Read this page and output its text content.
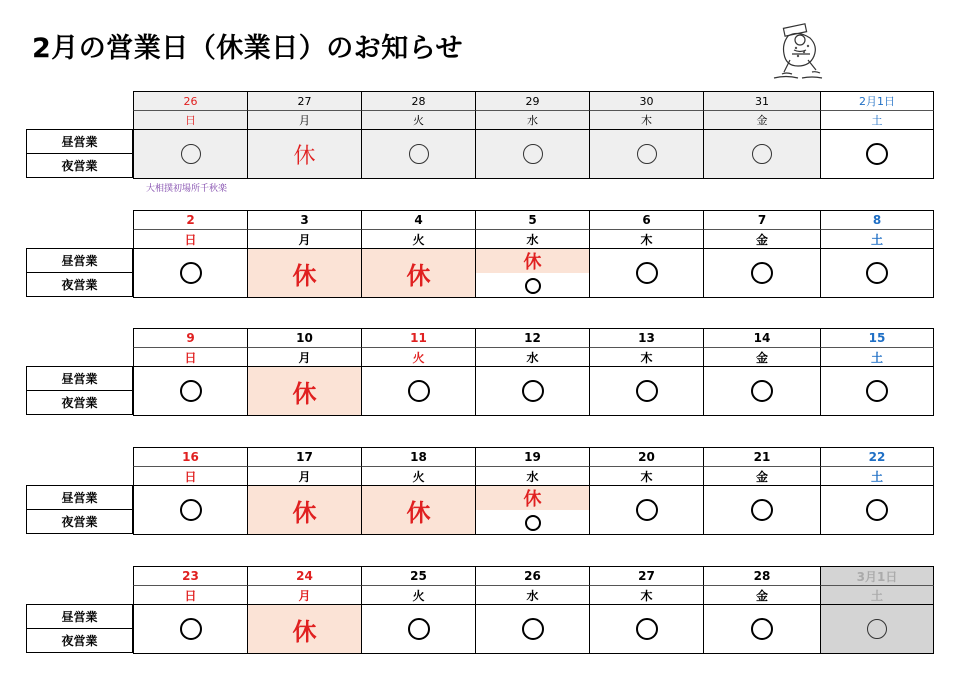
2月の営業日（休業日）のお知らせ
昼営業
夜営業
26
日
27
月
休
28
火
29
水
30
木
31
金
2月1日
土
大相撲初場所千秋楽
昼営業
夜営業
2
日
3
月
休
4
火
休
5
水
休
6
木
7
金
8
土
昼営業
夜営業
9
日
10
月
休
11
火
12
水
13
木
14
金
15
土
昼営業
夜営業
16
日
17
月
休
18
火
休
19
水
休
20
木
21
金
22
土
昼営業
夜営業
23
日
24
月
休
25
火
26
水
27
木
28
金
3月1日
土
